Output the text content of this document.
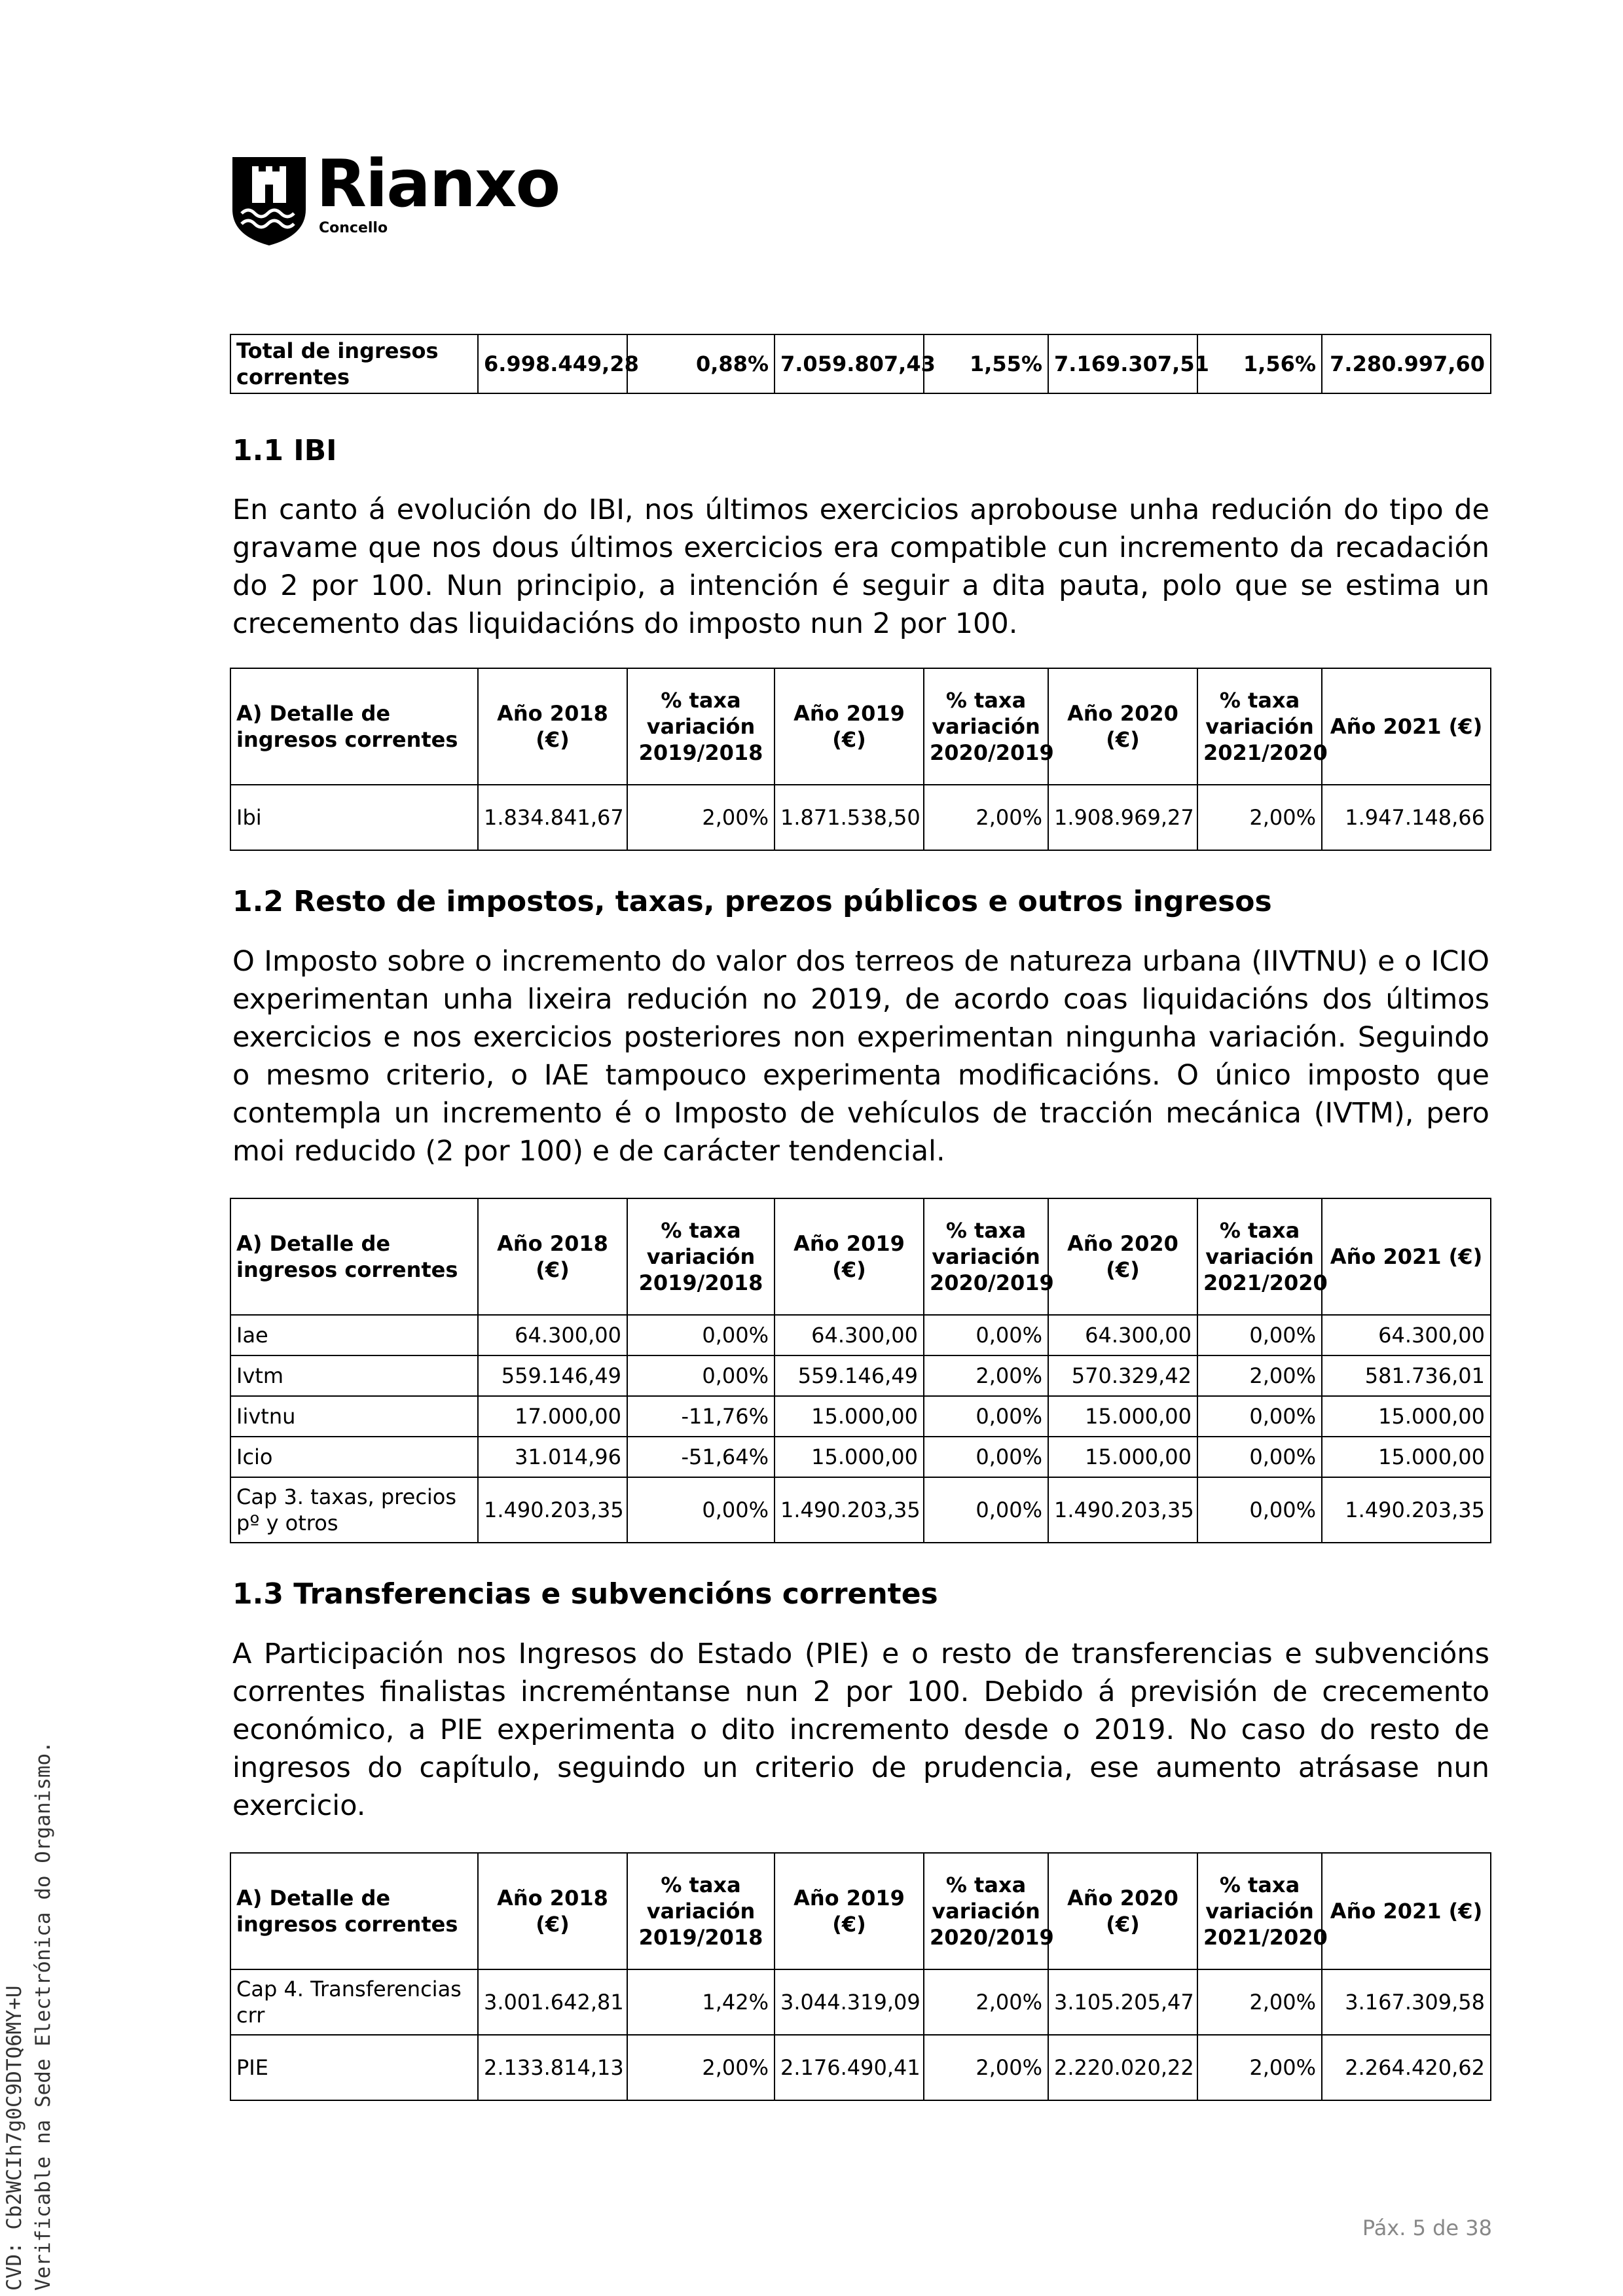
Rianxo
Concello
Total de ingresos correntes	6.998.449,28	0,88%	7.059.807,43	1,55%	7.169.307,51	1,56%	7.280.997,60
1.1 IBI

En canto á evolución do IBI, nos últimos exercicios aprobouse unha redución do tipo de gravame que nos dous últimos exercicios era compatible cun incremento da recadación do 2 por 100. Nun principio, a intención é seguir a dita pauta, polo que se estima un crecemento das liquidacións do imposto nun 2 por 100.

A) Detalle de ingresos correntes	Año 2018 (€)	% taxa variación 2019/2018	Año 2019 (€)	% taxa variación 2020/2019	Año 2020 (€)	% taxa variación 2021/2020	Año 2021 (€)
Ibi	1.834.841,67	2,00%	1.871.538,50	2,00%	1.908.969,27	2,00%	1.947.148,66
1.2 Resto de impostos, taxas, prezos públicos e outros ingresos

O Imposto sobre o incremento do valor dos terreos de natureza urbana (IIVTNU) e o ICIO experimentan unha lixeira redución no 2019, de acordo coas liquidacións dos últimos exercicios e nos exercicios posteriores non experimentan ningunha variación. Seguindo o mesmo criterio, o IAE tampouco experimenta modificacións. O único imposto que contempla un incremento é o Imposto de vehículos de tracción mecánica (IVTM), pero moi reducido (2 por 100) e de carácter tendencial.

A) Detalle de ingresos correntes	Año 2018 (€)	% taxa variación 2019/2018	Año 2019 (€)	% taxa variación 2020/2019	Año 2020 (€)	% taxa variación 2021/2020	Año 2021 (€)
Iae	64.300,00	0,00%	64.300,00	0,00%	64.300,00	0,00%	64.300,00
Ivtm	559.146,49	0,00%	559.146,49	2,00%	570.329,42	2,00%	581.736,01
Iivtnu	17.000,00	-11,76%	15.000,00	0,00%	15.000,00	0,00%	15.000,00
Icio	31.014,96	-51,64%	15.000,00	0,00%	15.000,00	0,00%	15.000,00
Cap 3. taxas, precios pº y otros	1.490.203,35	0,00%	1.490.203,35	0,00%	1.490.203,35	0,00%	1.490.203,35
1.3 Transferencias e subvencións correntes

A Participación nos Ingresos do Estado (PIE) e o resto de transferencias e subvencións correntes finalistas increméntanse nun 2 por 100. Debido á previsión de crecemento económico, a PIE experimenta o dito incremento desde o 2019. No caso do resto de ingresos do capítulo, seguindo un criterio de prudencia, ese aumento atrásase nun exercicio.

A) Detalle de ingresos correntes	Año 2018 (€)	% taxa variación 2019/2018	Año 2019 (€)	% taxa variación 2020/2019	Año 2020 (€)	% taxa variación 2021/2020	Año 2021 (€)
Cap 4. Transferencias crr	3.001.642,81	1,42%	3.044.319,09	2,00%	3.105.205,47	2,00%	3.167.309,58
PIE	2.133.814,13	2,00%	2.176.490,41	2,00%	2.220.020,22	2,00%	2.264.420,62
CVD: Cb2WCIh7g0C9DTQ6MY+U Verificable na Sede Electrónica do Organismo.	Páx. 5 de 38
